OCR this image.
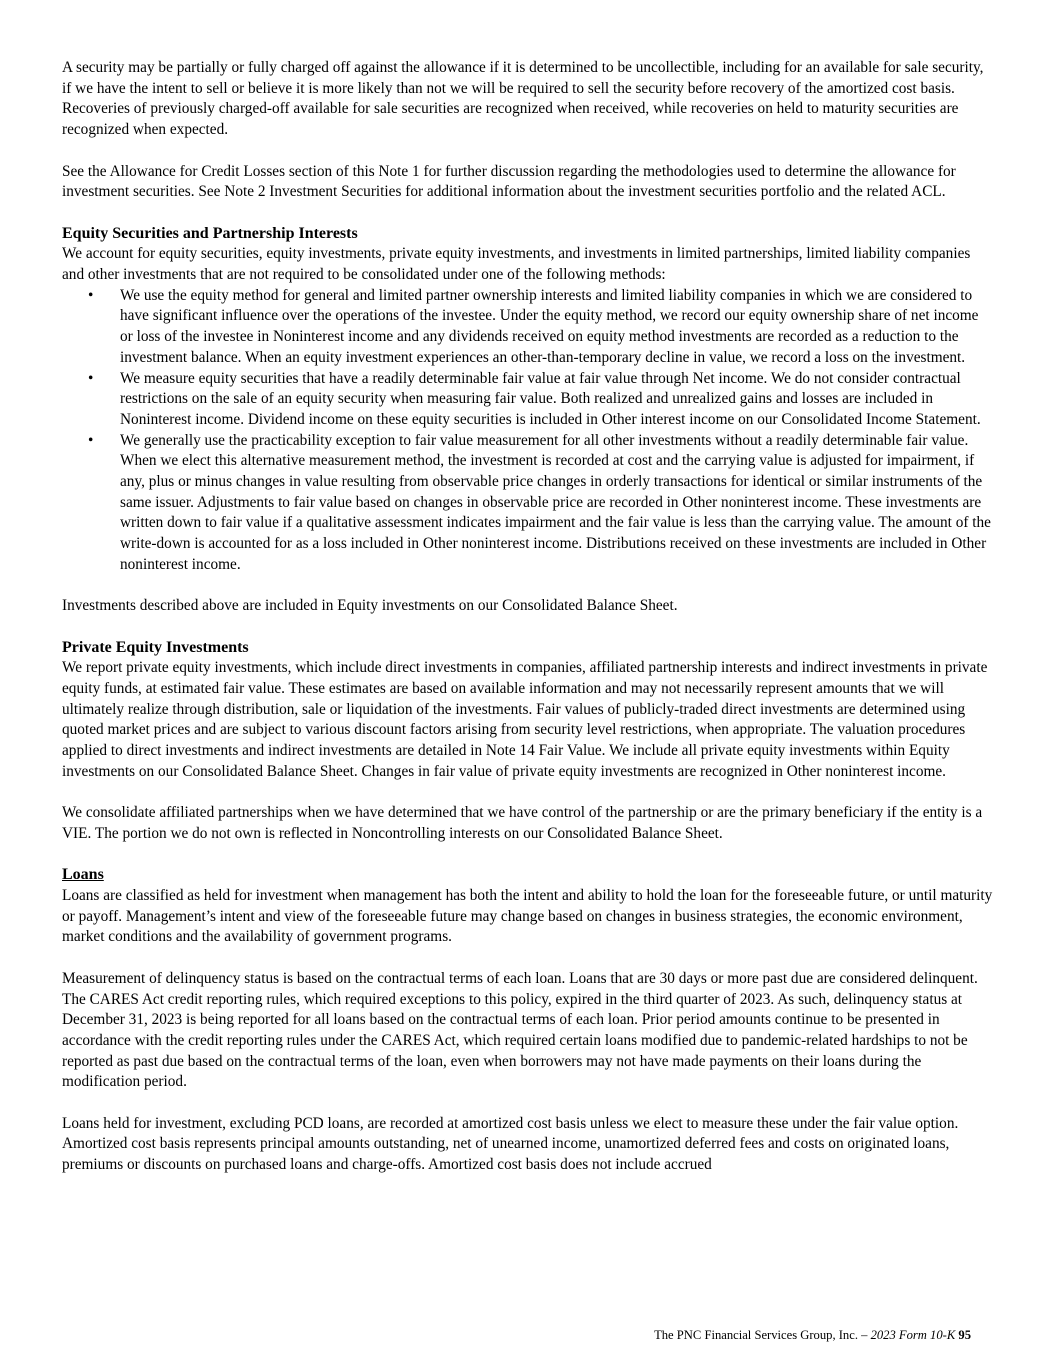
A security may be partially or fully charged off against the allowance if it is determined to be uncollectible, including for an available for sale security, if we have the intent to sell or believe it is more likely than not we will be required to sell the security before recovery of the amortized cost basis. Recoveries of previously charged-off available for sale securities are recognized when received, while recoveries on held to maturity securities are recognized when expected.

See the Allowance for Credit Losses section of this Note 1 for further discussion regarding the methodologies used to determine the allowance for investment securities. See Note 2 Investment Securities for additional information about the investment securities portfolio and the related ACL.

Equity Securities and Partnership Interests

We account for equity securities, equity investments, private equity investments, and investments in limited partnerships, limited liability companies and other investments that are not required to be consolidated under one of the following methods:

• We use the equity method for general and limited partner ownership interests and limited liability companies in which we are considered to have significant influence over the operations of the investee. Under the equity method, we record our equity ownership share of net income or loss of the investee in Noninterest income and any dividends received on equity method investments are recorded as a reduction to the investment balance. When an equity investment experiences an other-than-temporary decline in value, we record a loss on the investment.
• We measure equity securities that have a readily determinable fair value at fair value through Net income. We do not consider contractual restrictions on the sale of an equity security when measuring fair value. Both realized and unrealized gains and losses are included in Noninterest income. Dividend income on these equity securities is included in Other interest income on our Consolidated Income Statement.
• We generally use the practicability exception to fair value measurement for all other investments without a readily determinable fair value. When we elect this alternative measurement method, the investment is recorded at cost and the carrying value is adjusted for impairment, if any, plus or minus changes in value resulting from observable price changes in orderly transactions for identical or similar instruments of the same issuer. Adjustments to fair value based on changes in observable price are recorded in Other noninterest income. These investments are written down to fair value if a qualitative assessment indicates impairment and the fair value is less than the carrying value. The amount of the write-down is accounted for as a loss included in Other noninterest income. Distributions received on these investments are included in Other noninterest income.

Investments described above are included in Equity investments on our Consolidated Balance Sheet.

Private Equity Investments

We report private equity investments, which include direct investments in companies, affiliated partnership interests and indirect investments in private equity funds, at estimated fair value. These estimates are based on available information and may not necessarily represent amounts that we will ultimately realize through distribution, sale or liquidation of the investments. Fair values of publicly-traded direct investments are determined using quoted market prices and are subject to various discount factors arising from security level restrictions, when appropriate. The valuation procedures applied to direct investments and indirect investments are detailed in Note 14 Fair Value. We include all private equity investments within Equity investments on our Consolidated Balance Sheet. Changes in fair value of private equity investments are recognized in Other noninterest income.

We consolidate affiliated partnerships when we have determined that we have control of the partnership or are the primary beneficiary if the entity is a VIE. The portion we do not own is reflected in Noncontrolling interests on our Consolidated Balance Sheet.

Loans

Loans are classified as held for investment when management has both the intent and ability to hold the loan for the foreseeable future, or until maturity or payoff. Management’s intent and view of the foreseeable future may change based on changes in business strategies, the economic environment, market conditions and the availability of government programs.

Measurement of delinquency status is based on the contractual terms of each loan. Loans that are 30 days or more past due are considered delinquent. The CARES Act credit reporting rules, which required exceptions to this policy, expired in the third quarter of 2023. As such, delinquency status at December 31, 2023 is being reported for all loans based on the contractual terms of each loan. Prior period amounts continue to be presented in accordance with the credit reporting rules under the CARES Act, which required certain loans modified due to pandemic-related hardships to not be reported as past due based on the contractual terms of the loan, even when borrowers may not have made payments on their loans during the modification period.

Loans held for investment, excluding PCD loans, are recorded at amortized cost basis unless we elect to measure these under the fair value option. Amortized cost basis represents principal amounts outstanding, net of unearned income, unamortized deferred fees and costs on originated loans, premiums or discounts on purchased loans and charge-offs. Amortized cost basis does not include accrued

The PNC Financial Services Group, Inc. – 2023 Form 10-K 95
